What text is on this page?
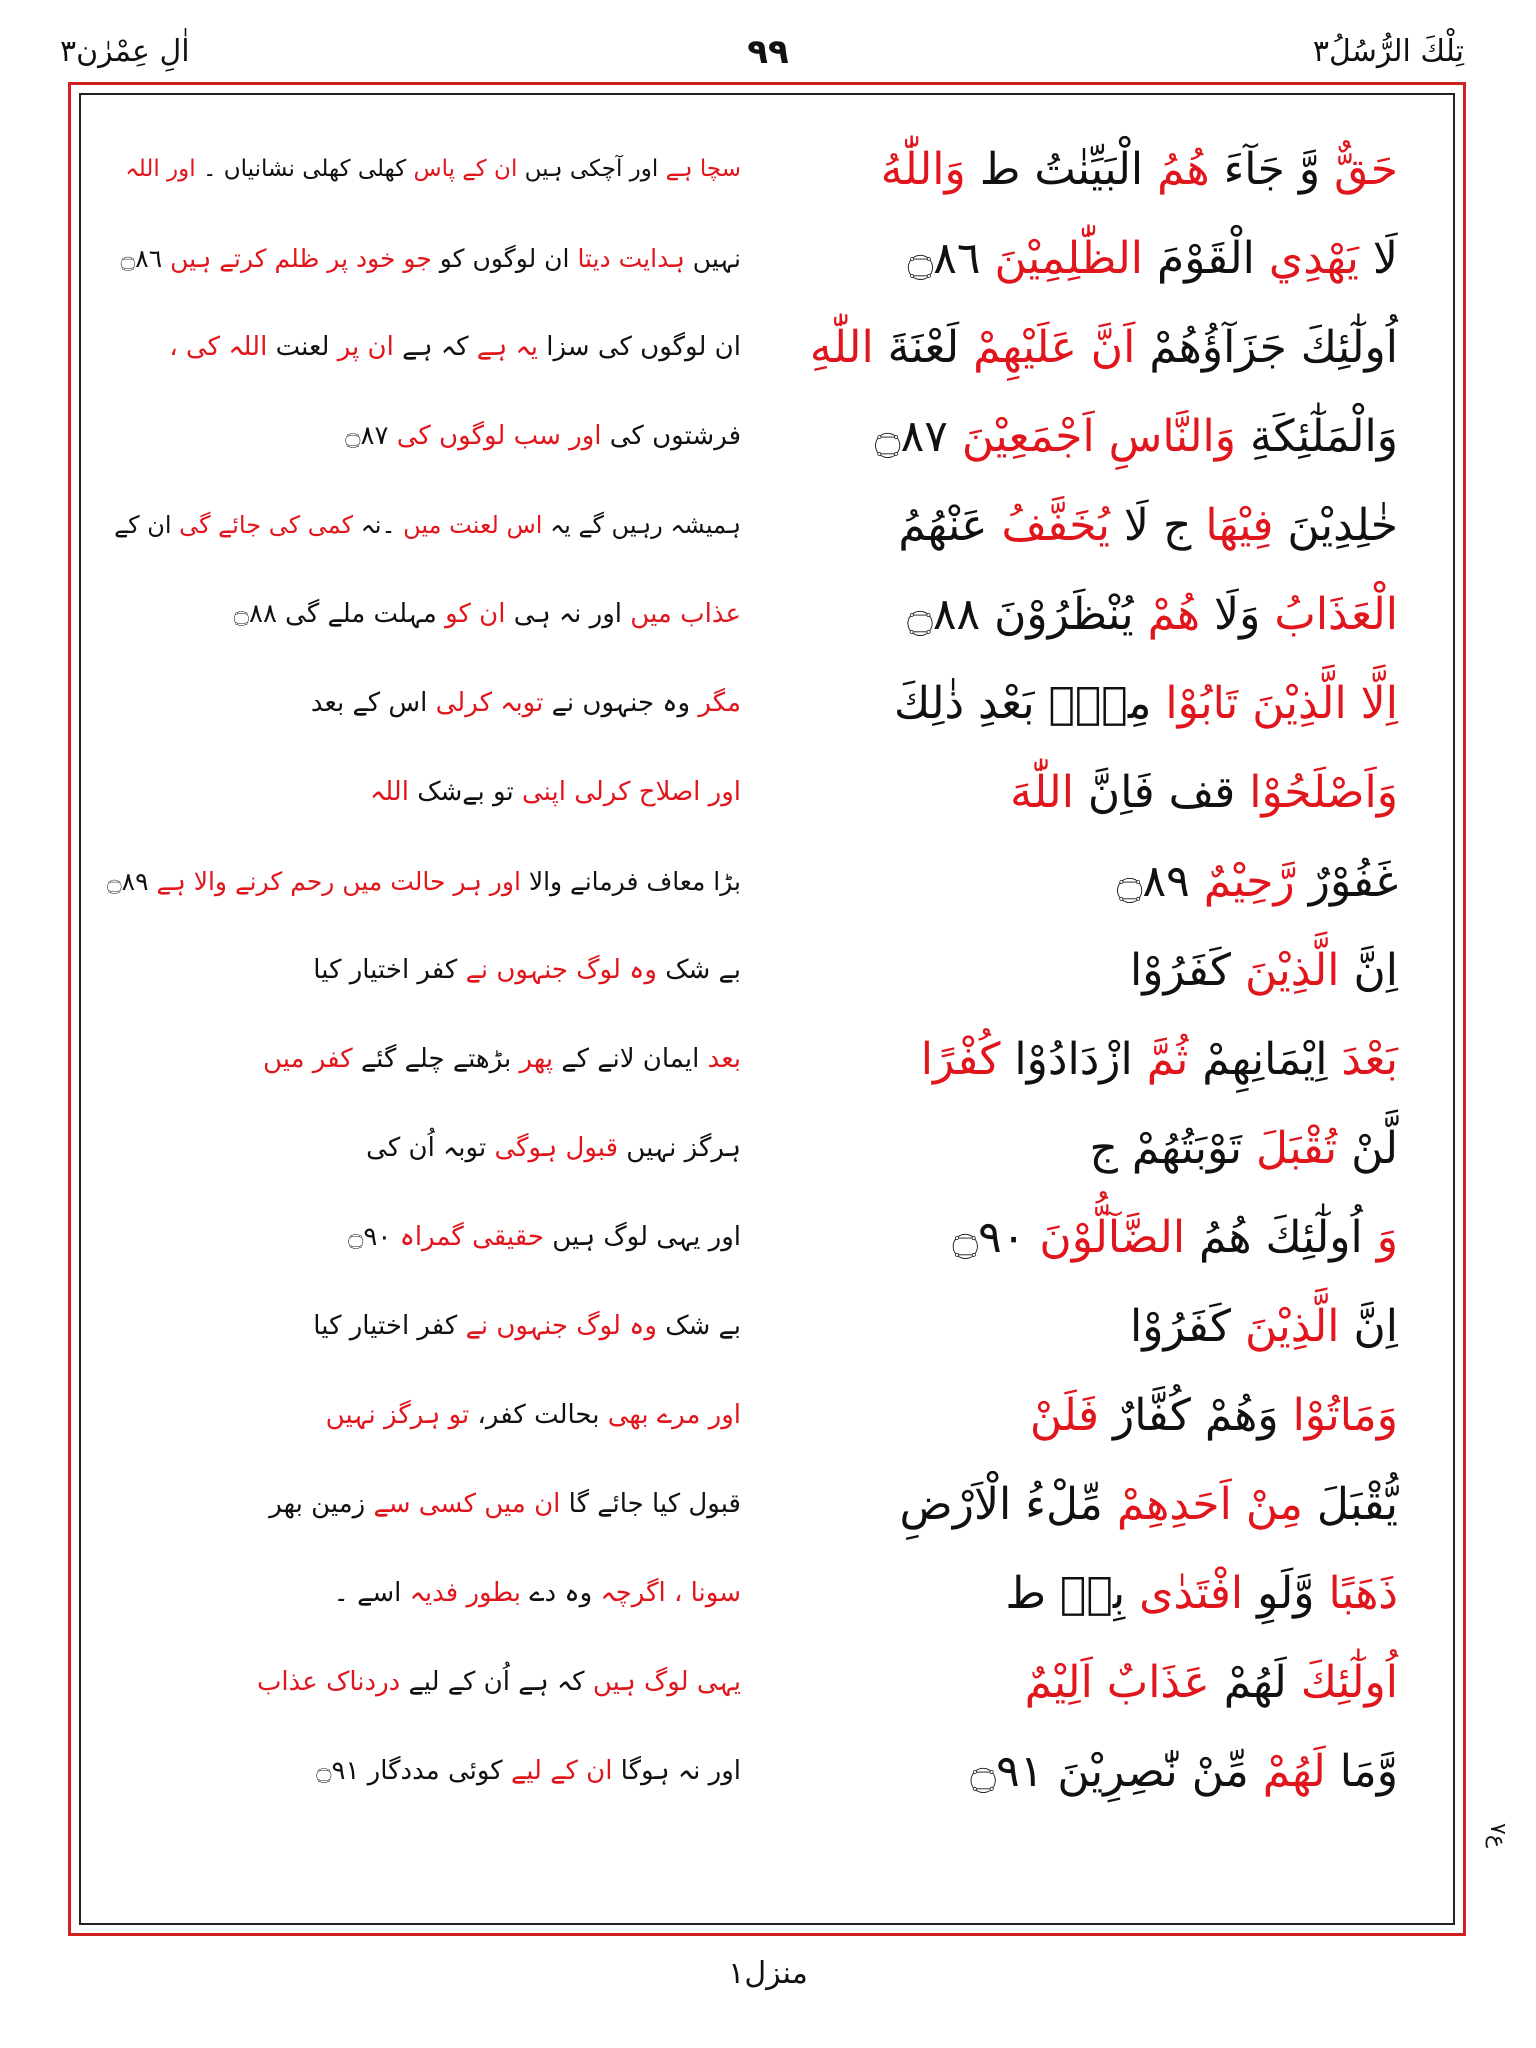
تِلْكَ الرُّسُلُ۳
۹۹
اٰلِ عِمْرٰن۳
حَقٌّ وَّ جَآءَ هُمُ الْبَيِّنٰتُ ط وَاللّٰهُ
سچا ہے اور آچکی ہیں ان کے پاس کھلی کھلی نشانیاں ۔ اور اللہ
لَا يَهْدِي الْقَوْمَ الظّٰلِمِيْنَ ۝٨٦
نہیں ہدایت دیتا ان لوگوں کو جو خود پر ظلم کرتے ہیں ۝٨٦
اُولٰٓئِكَ جَزَآؤُهُمْ اَنَّ عَلَيْهِمْ لَعْنَةَ اللّٰهِ
ان لوگوں کی سزا یہ ہے کہ ہے ان پر لعنت اللہ کی ،
وَالْمَلٰٓئِكَةِ وَالنَّاسِ اَجْمَعِيْنَ ۝٨٧
فرشتوں کی اور سب لوگوں کی ۝٨٧
خٰلِدِيْنَ فِيْهَا ج لَا يُخَفَّفُ عَنْهُمُ
ہمیشہ رہیں گے یہ اس لعنت میں ۔نہ کمی کی جائے گی ان کے
الْعَذَابُ وَلَا هُمْ يُنْظَرُوْنَ ۝٨٨
عذاب میں اور نہ ہی ان کو مہلت ملے گی ۝٨٨
اِلَّا الَّذِيْنَ تَابُوْا مِنْۢ بَعْدِ ذٰلِكَ
مگر وہ جنہوں نے توبہ کرلی اس کے بعد
وَاَصْلَحُوْا قف فَاِنَّ اللّٰهَ
اور اصلاح کرلی اپنی تو بےشک اللہ
غَفُوْرٌ رَّحِيْمٌ ۝٨٩
بڑا معاف فرمانے والا اور ہر حالت میں رحم کرنے والا ہے ۝٨٩
اِنَّ الَّذِيْنَ كَفَرُوْا
بے شک وہ لوگ جنہوں نے کفر اختیار کیا
بَعْدَ اِيْمَانِهِمْ ثُمَّ ازْدَادُوْا كُفْرًا
بعد ایمان لانے کے پھر بڑھتے چلے گئے کفر میں
لَّنْ تُقْبَلَ تَوْبَتُهُمْ ج
ہرگز نہیں قبول ہوگی توبہ اُن کی
وَ اُولٰٓئِكَ هُمُ الضَّآلُّوْنَ ۝٩٠
اور یہی لوگ ہیں حقیقی گمراہ ۝٩٠
اِنَّ الَّذِيْنَ كَفَرُوْا
بے شک وہ لوگ جنہوں نے کفر اختیار کیا
وَمَاتُوْا وَهُمْ كُفَّارٌ فَلَنْ
اور مرے بھی بحالت کفر، تو ہرگز نہیں
يُّقْبَلَ مِنْ اَحَدِهِمْ مِّلْءُ الْاَرْضِ
قبول کیا جائے گا ان میں کسی سے زمین بھر
ذَهَبًا وَّلَوِ افْتَدٰى بِهٖ ط
سونا ، اگرچہ وہ دے بطور فدیہ اسے ۔
اُولٰٓئِكَ لَهُمْ عَذَابٌ اَلِيْمٌ
یہی لوگ ہیں کہ ہے اُن کے لیے دردناک عذاب
وَّمَا لَهُمْ مِّنْ نّٰصِرِيْنَ ۝٩١
اور نہ ہوگا ان کے لیے کوئی مددگار ۝٩١
ع۷
منزل۱
